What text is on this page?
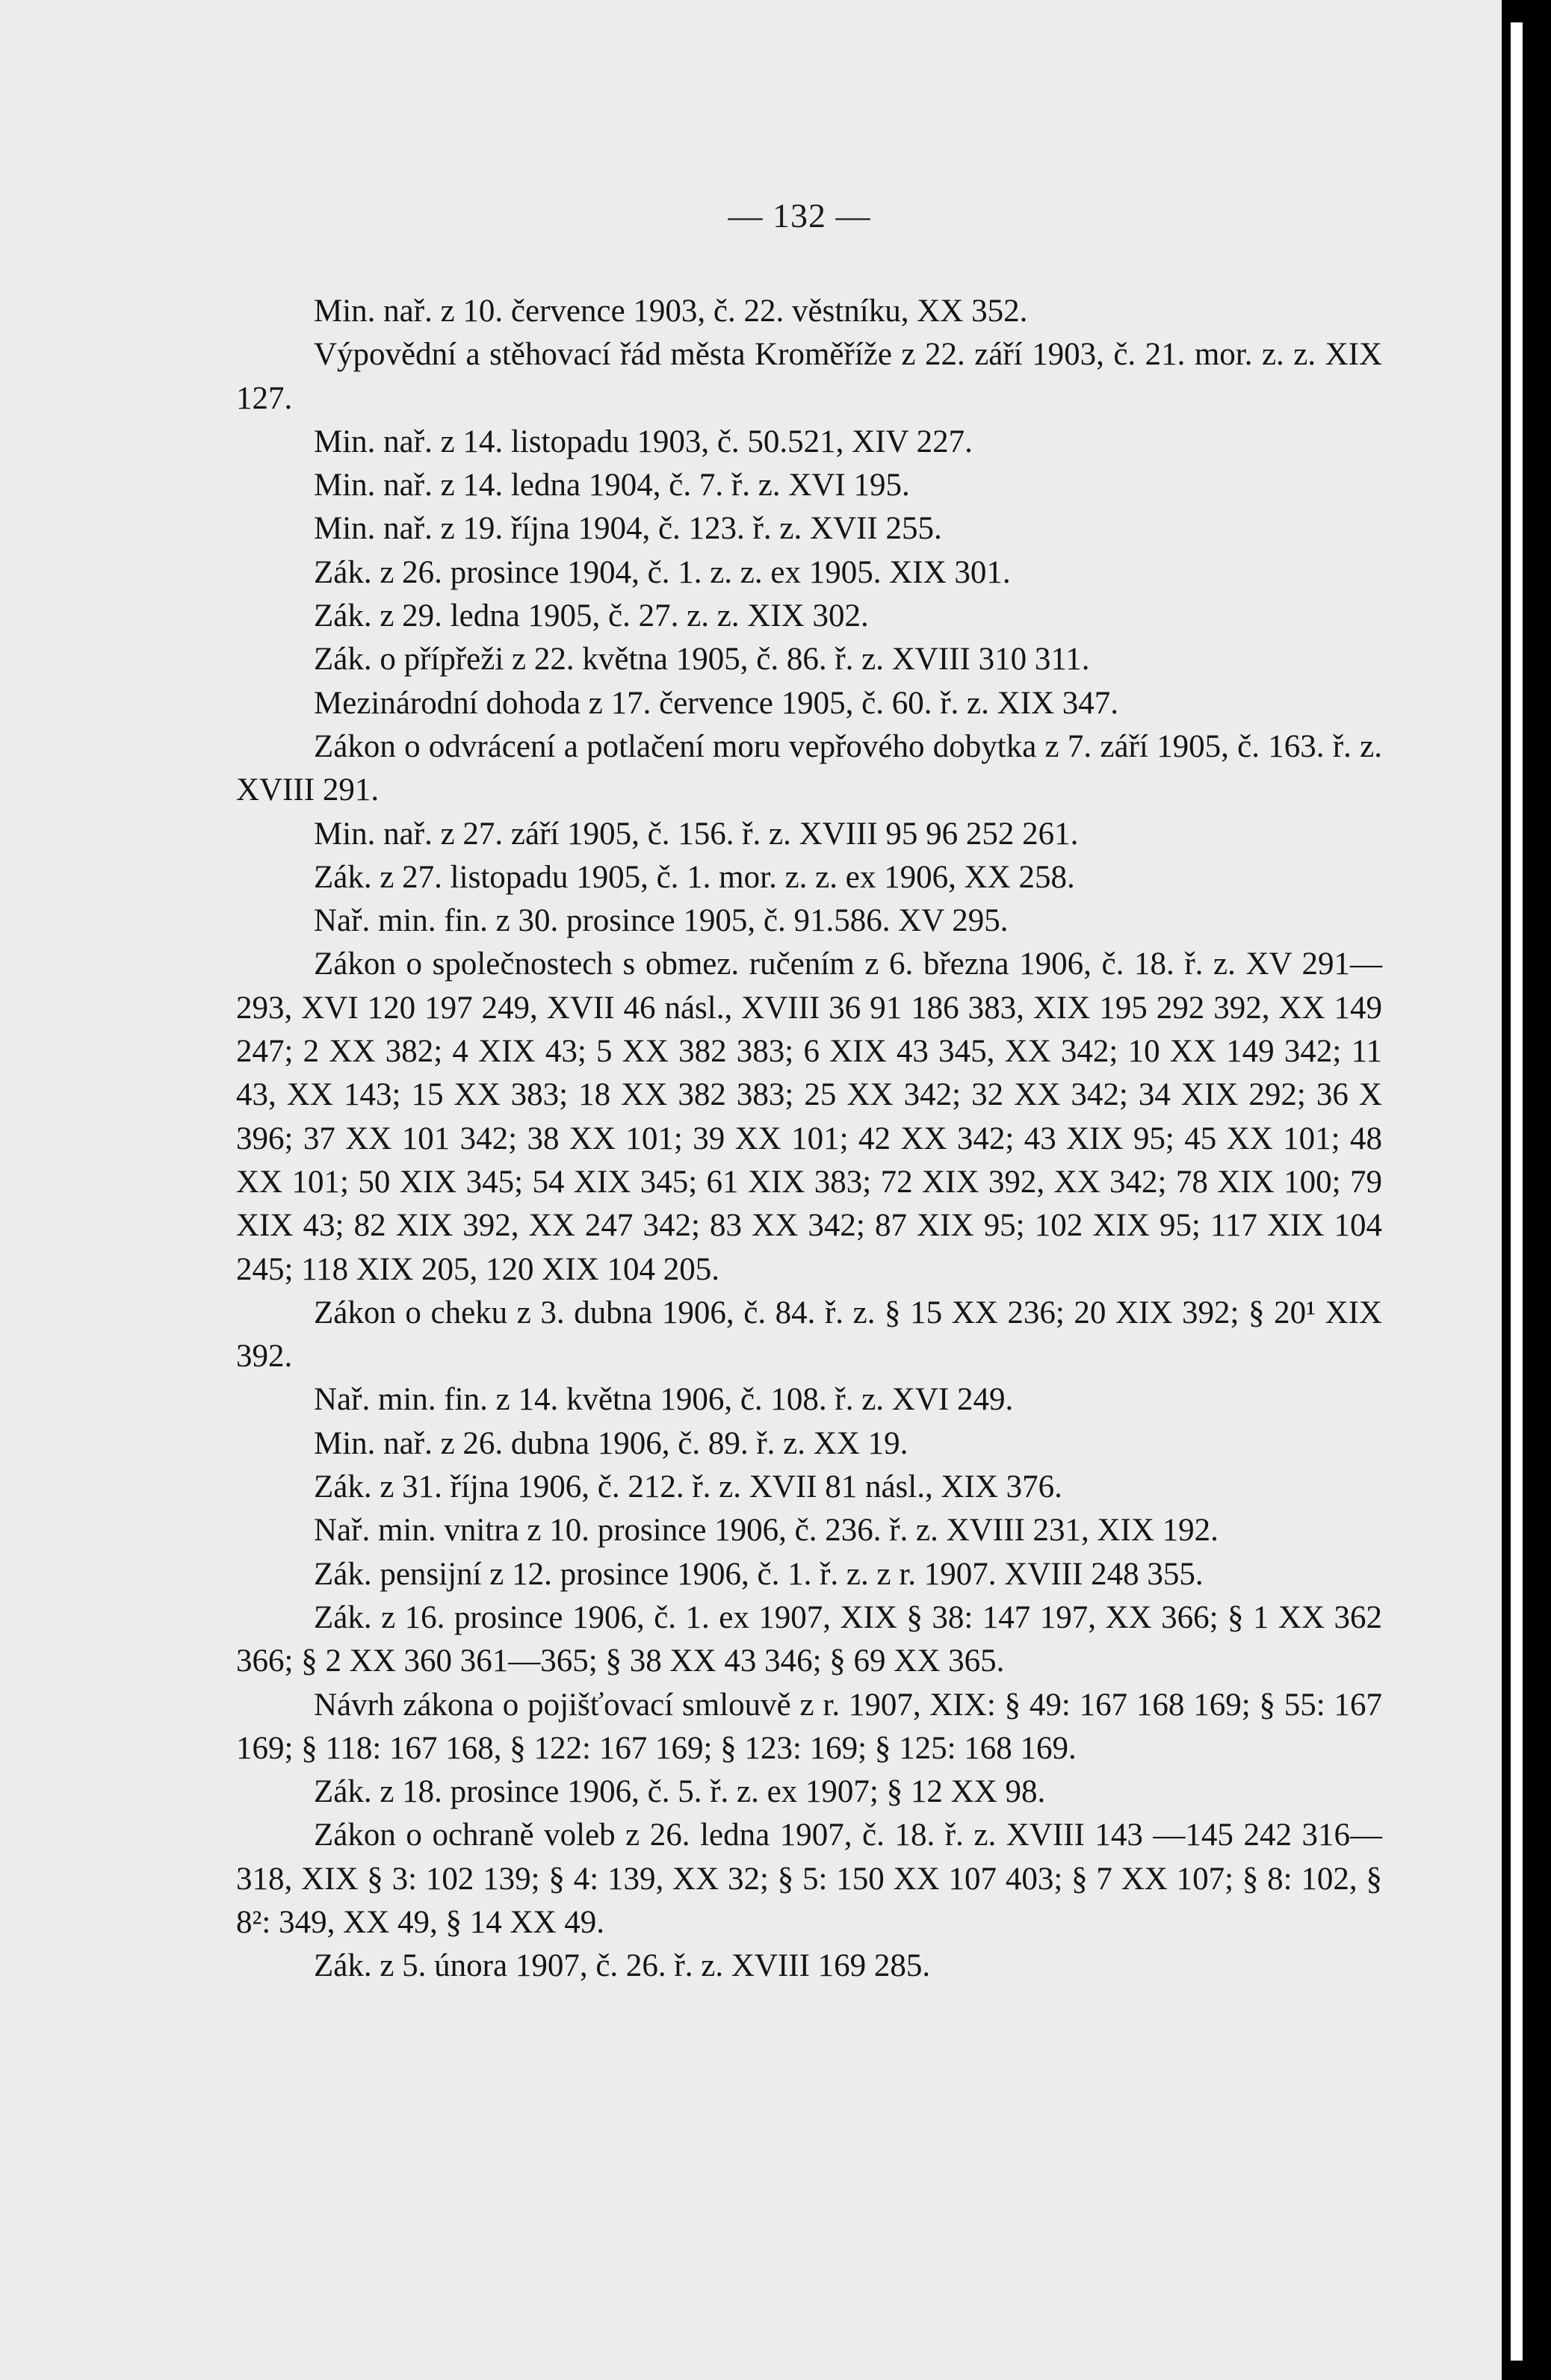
— 132 —

Min. nař. z 10. července 1903, č. 22. věstníku, XX 352.

Výpovědní a stěhovací řád města Kroměříže z 22. září 1903, č. 21. mor. z. z. XIX 127.

Min. nař. z 14. listopadu 1903, č. 50.521, XIV 227.

Min. nař. z 14. ledna 1904, č. 7. ř. z. XVI 195.

Min. nař. z 19. října 1904, č. 123. ř. z. XVII 255.

Zák. z 26. prosince 1904, č. 1. z. z. ex 1905. XIX 301.

Zák. z 29. ledna 1905, č. 27. z. z. XIX 302.

Zák. o přípřeži z 22. května 1905, č. 86. ř. z. XVIII 310 311.

Mezinárodní dohoda z 17. července 1905, č. 60. ř. z. XIX 347.

Zákon o odvrácení a potlačení moru vepřového dobytka z 7. září 1905, č. 163. ř. z. XVIII 291.

Min. nař. z 27. září 1905, č. 156. ř. z. XVIII 95 96 252 261.

Zák. z 27. listopadu 1905, č. 1. mor. z. z. ex 1906, XX 258.

Nař. min. fin. z 30. prosince 1905, č. 91.586. XV 295.

Zákon o společnostech s obmez. ručením z 6. března 1906, č. 18. ř. z. XV 291—293, XVI 120 197 249, XVII 46 násl., XVIII 36 91 186 383, XIX 195 292 392, XX 149 247; 2 XX 382; 4 XIX 43; 5 XX 382 383; 6 XIX 43 345, XX 342; 10 XX 149 342; 11 43, XX 143; 15 XX 383; 18 XX 382 383; 25 XX 342; 32 XX 342; 34 XIX 292; 36 X 396; 37 XX 101 342; 38 XX 101; 39 XX 101; 42 XX 342; 43 XIX 95; 45 XX 101; 48 XX 101; 50 XIX 345; 54 XIX 345; 61 XIX 383; 72 XIX 392, XX 342; 78 XIX 100; 79 XIX 43; 82 XIX 392, XX 247 342; 83 XX 342; 87 XIX 95; 102 XIX 95; 117 XIX 104 245; 118 XIX 205, 120 XIX 104 205.

Zákon o cheku z 3. dubna 1906, č. 84. ř. z. § 15 XX 236; 20 XIX 392; § 20¹ XIX 392.

Nař. min. fin. z 14. května 1906, č. 108. ř. z. XVI 249.

Min. nař. z 26. dubna 1906, č. 89. ř. z. XX 19.

Zák. z 31. října 1906, č. 212. ř. z. XVII 81 násl., XIX 376.

Nař. min. vnitra z 10. prosince 1906, č. 236. ř. z. XVIII 231, XIX 192.

Zák. pensijní z 12. prosince 1906, č. 1. ř. z. z r. 1907. XVIII 248 355.

Zák. z 16. prosince 1906, č. 1. ex 1907, XIX § 38: 147 197, XX 366; § 1 XX 362 366; § 2 XX 360 361—365; § 38 XX 43 346; § 69 XX 365.

Návrh zákona o pojišťovací smlouvě z r. 1907, XIX: § 49: 167 168 169; § 55: 167 169; § 118: 167 168, § 122: 167 169; § 123: 169; § 125: 168 169.

Zák. z 18. prosince 1906, č. 5. ř. z. ex 1907; § 12 XX 98.

Zákon o ochraně voleb z 26. ledna 1907, č. 18. ř. z. XVIII 143 —145 242 316—318, XIX § 3: 102 139; § 4: 139, XX 32; § 5: 150 XX 107 403; § 7 XX 107; § 8: 102, § 8²: 349, XX 49, § 14 XX 49.

Zák. z 5. února 1907, č. 26. ř. z. XVIII 169 285.
